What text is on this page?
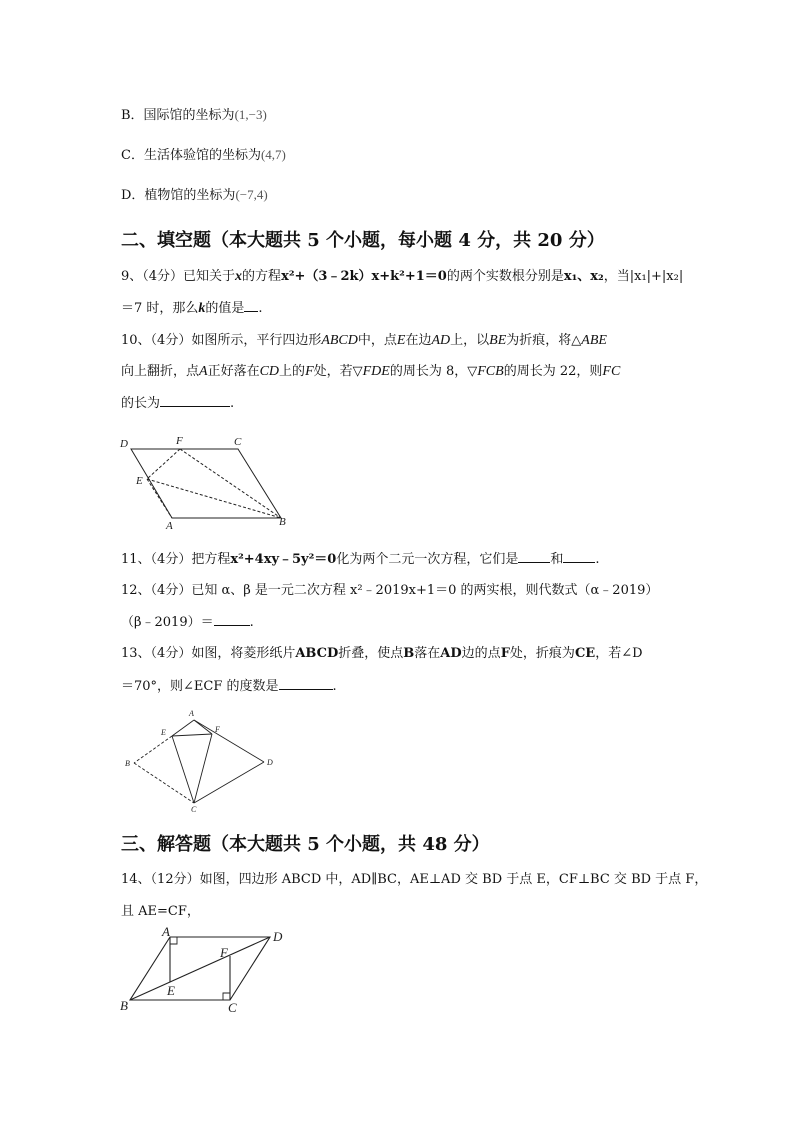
B．国际馆的坐标为(1,−3)
C．生活体验馆的坐标为(4,7)
D．植物馆的坐标为(−7,4)
二、填空题（本大题共 5 个小题，每小题 4 分，共 20 分）
9、（4分）已知关于x的方程x²+（3﹣2k）x+k²+1＝0的两个实数根分别是x₁、x₂，当|x₁|+|x₂|
＝7 时，那么k的值是 .
10、（4分）如图所示，平行四边形ABCD中，点E在边AD上，以BE为折痕，将△ABE
向上翻折，点A正好落在CD上的F处，若▽FDE的周长为 8，▽FCB的周长为 22，则FC
的长为	.
D	F	C
E
A	B
11、（4分）把方程x²+4xy﹣5y²＝0化为两个二元一次方程，它们是 和 .
12、（4分）已知 α、β 是一元二次方程 x²﹣2019x+1＝0 的两实根，则代数式（α﹣2019）
（β﹣2019）＝	.
13、（4分）如图，将菱形纸片ABCD折叠，使点B落在AD边的点F处，折痕为CE，若∠D
＝70°，则∠ECF 的度数是	.
A
E	F
B	D
C
三、解答题（本大题共 5 个小题，共 48 分）
14、（12分）如图，四边形 ABCD 中，AD∥BC，AE⊥AD 交 BD 于点 E，CF⊥BC 交 BD 于点 F，
且 AE=CF，
A	D
F
E
B	C
